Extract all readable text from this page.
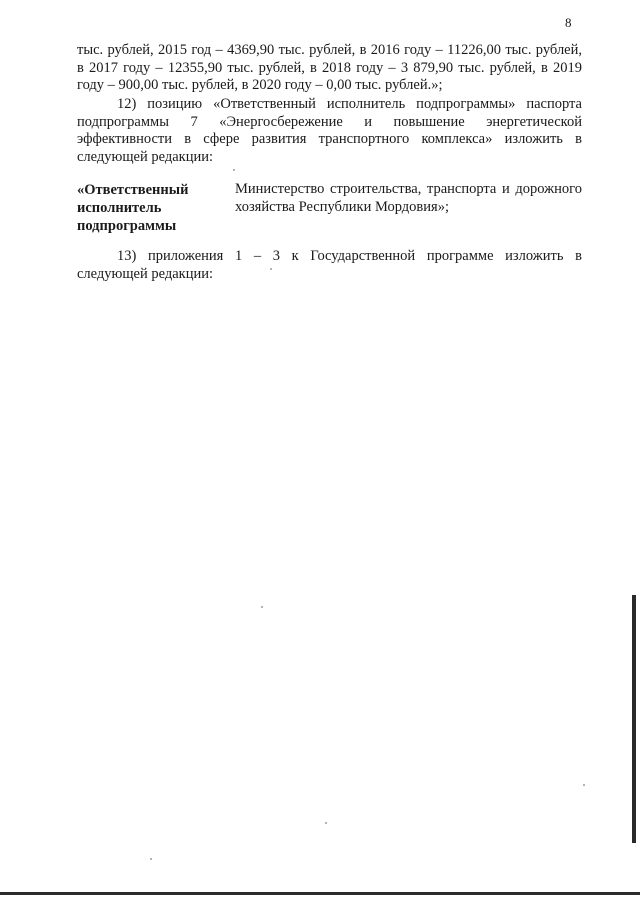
8
тыс. рублей, 2015 год – 4369,90 тыс. рублей, в 2016 году – 11226,00 тыс. рублей, в 2017 году – 12355,90 тыс. рублей, в 2018 году – 3 879,90 тыс. рублей, в 2019 году – 900,00 тыс. рублей, в 2020 году – 0,00 тыс. рублей.»;
12) позицию «Ответственный исполнитель подпрограммы» паспорта подпрограммы 7 «Энергосбережение и повышение энергетической эффективности в сфере развития транспортного комплекса» изложить в следующей редакции:
«Ответственный исполнитель подпрограммы
Министерство строительства, транспорта и дорожного хозяйства Республики Мордовия»;
13) приложения 1 – 3 к Государственной программе изложить в следующей редакции:
